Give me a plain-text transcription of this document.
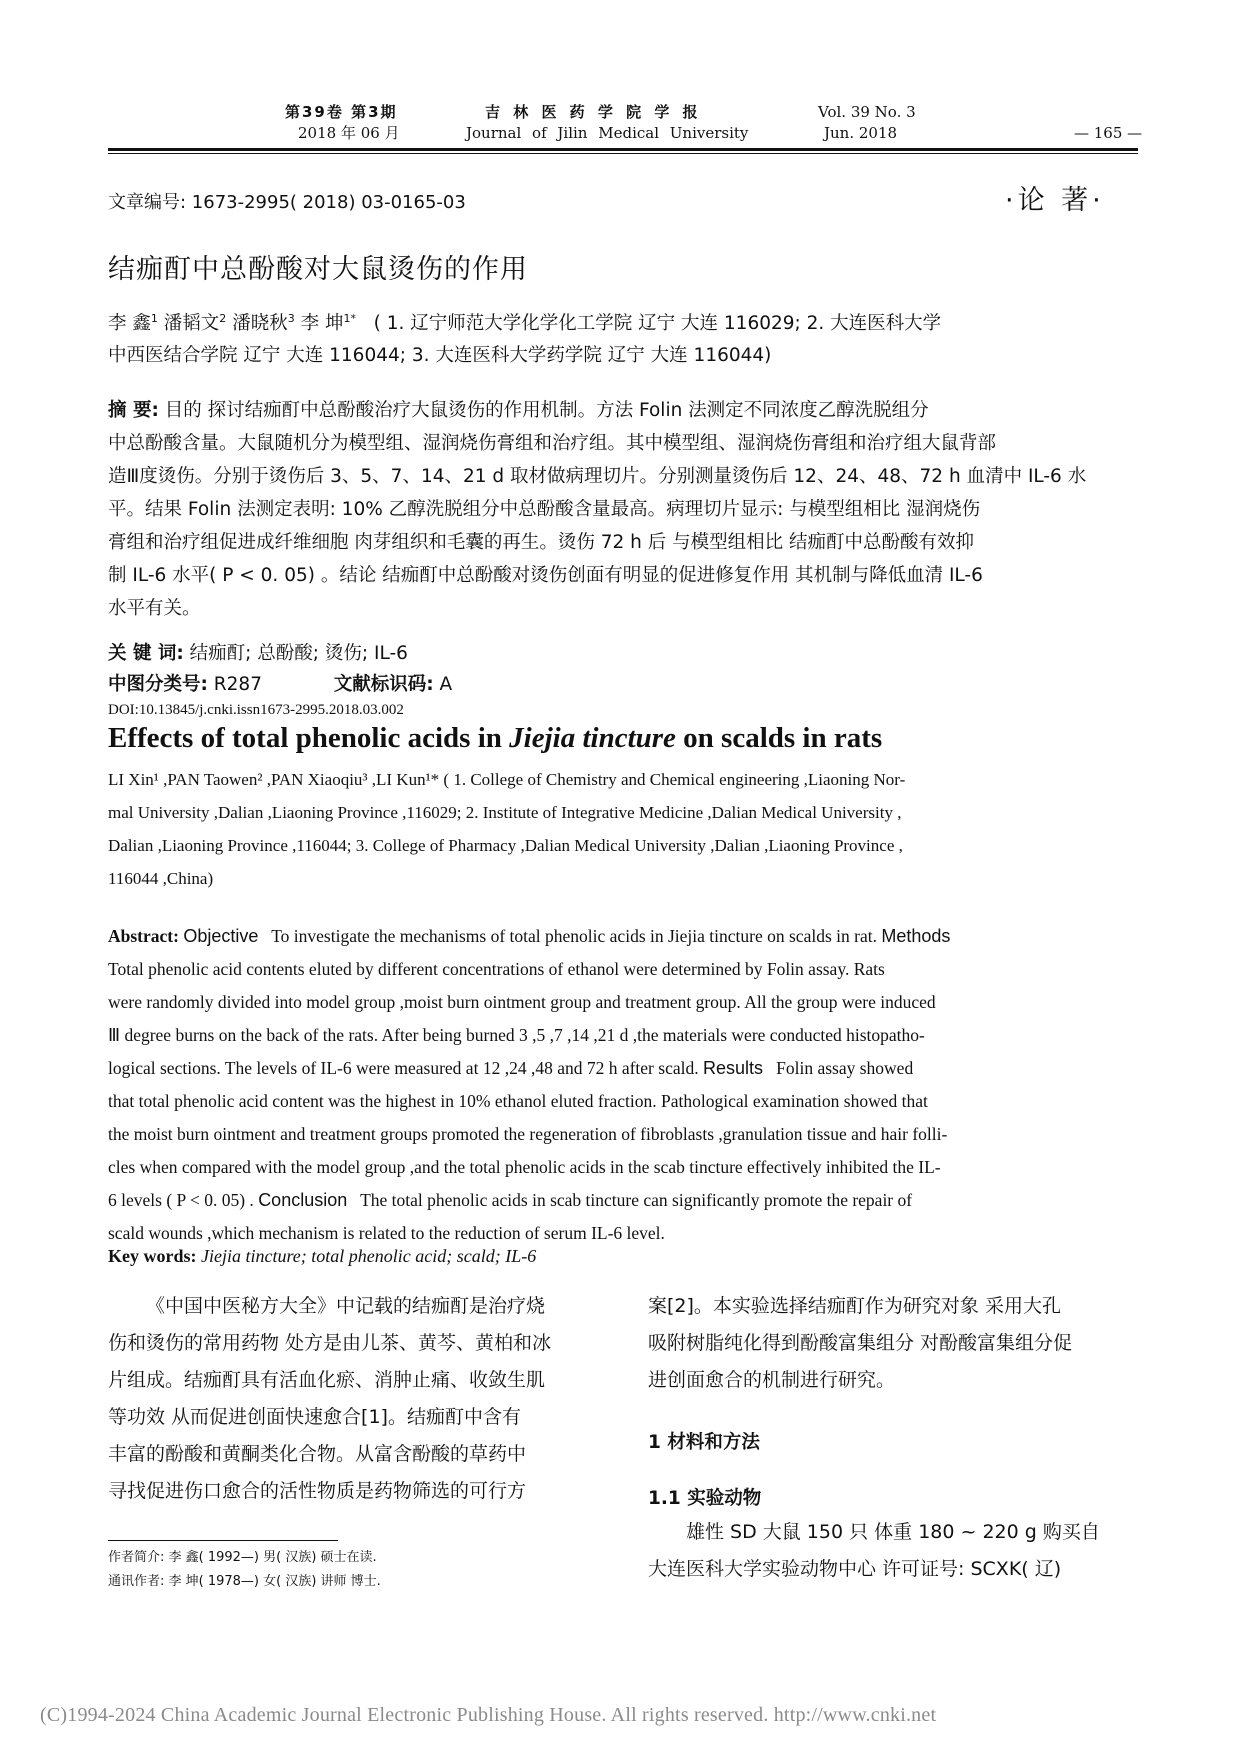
第39卷 第3期
2018 年 06 月
吉 林 医 药 学 院 学 报
Journal of Jilin Medical University
Vol. 39 No. 3
Jun. 2018	— 165 —
文章编号: 1673-2995( 2018) 03-0165-03	·论 著·
结痂酊中总酚酸对大鼠烫伤的作用
李 鑫$^1$ 潘韬文$^2$ 潘晓秋$^3$ 李 坤$^{1*}$ ( 1. 辽宁师范大学化学化工学院 辽宁 大连 116029; 2. 大连医科大学
中西医结合学院 辽宁 大连 116044; 3. 大连医科大学药学院 辽宁 大连 116044)
摘 要: 目的 探讨结痂酊中总酚酸治疗大鼠烫伤的作用机制。方法 Folin 法测定不同浓度乙醇洗脱组分
中总酚酸含量。大鼠随机分为模型组、湿润烧伤膏组和治疗组。其中模型组、湿润烧伤膏组和治疗组大鼠背部
造Ⅲ度烫伤。分别于烫伤后 3、5、7、14、21 d 取材做病理切片。分别测量烫伤后 12、24、48、72 h 血清中 IL-6 水
平。结果 Folin 法测定表明: 10% 乙醇洗脱组分中总酚酸含量最高。病理切片显示: 与模型组相比 湿润烧伤
膏组和治疗组促进成纤维细胞 肉芽组织和毛囊的再生。烫伤 72 h 后 与模型组相比 结痂酊中总酚酸有效抑
制 IL-6 水平( P < 0. 05) 。结论 结痂酊中总酚酸对烫伤创面有明显的促进修复作用 其机制与降低血清 IL-6
水平有关。
关 键 词: 结痂酊; 总酚酸; 烫伤; IL-6
中图分类号: R287	文献标识码: A
DOI:10.13845/j.cnki.issn1673-2995.2018.03.002
Effects of total phenolic acids in Jiejia tincture on scalds in rats
LI Xin¹ ,PAN Taowen² ,PAN Xiaoqiu³ ,LI Kun¹* ( 1. College of Chemistry and Chemical engineering ,Liaoning Nor-
mal University ,Dalian ,Liaoning Province ,116029; 2. Institute of Integrative Medicine ,Dalian Medical University ,
Dalian ,Liaoning Province ,116044; 3. College of Pharmacy ,Dalian Medical University ,Dalian ,Liaoning Province ,
116044 ,China)
Abstract: Objective To investigate the mechanisms of total phenolic acids in Jiejia tincture on scalds in rat. Methods
Total phenolic acid contents eluted by different concentrations of ethanol were determined by Folin assay. Rats
were randomly divided into model group ,moist burn ointment group and treatment group. All the group were induced
Ⅲ degree burns on the back of the rats. After being burned 3 ,5 ,7 ,14 ,21 d ,the materials were conducted histopatho-
logical sections. The levels of IL-6 were measured at 12 ,24 ,48 and 72 h after scald. Results Folin assay showed
that total phenolic acid content was the highest in 10% ethanol eluted fraction. Pathological examination showed that
the moist burn ointment and treatment groups promoted the regeneration of fibroblasts ,granulation tissue and hair folli-
cles when compared with the model group ,and the total phenolic acids in the scab tincture effectively inhibited the IL-
6 levels ( P < 0. 05) . Conclusion The total phenolic acids in scab tincture can significantly promote the repair of
scald wounds ,which mechanism is related to the reduction of serum IL-6 level.
Key words: Jiejia tincture; total phenolic acid; scald; IL-6
《中国中医秘方大全》中记载的结痂酊是治疗烧
伤和烫伤的常用药物 处方是由儿茶、黄芩、黄柏和冰
片组成。结痂酊具有活血化瘀、消肿止痛、收敛生肌
等功效 从而促进创面快速愈合[1]。结痂酊中含有
丰富的酚酸和黄酮类化合物。从富含酚酸的草药中
寻找促进伤口愈合的活性物质是药物筛选的可行方
作者简介: 李 鑫( 1992—) 男( 汉族) 硕士在读.
通讯作者: 李 坤( 1978—) 女( 汉族) 讲师 博士.
案[2]。本实验选择结痂酊作为研究对象 采用大孔
吸附树脂纯化得到酚酸富集组分 对酚酸富集组分促
进创面愈合的机制进行研究。
1 材料和方法
1.1 实验动物
雄性 SD 大鼠 150 只 体重 180 ~ 220 g 购买自
大连医科大学实验动物中心 许可证号: SCXK( 辽)
(C)1994-2024 China Academic Journal Electronic Publishing House. All rights reserved. http://www.cnki.net
